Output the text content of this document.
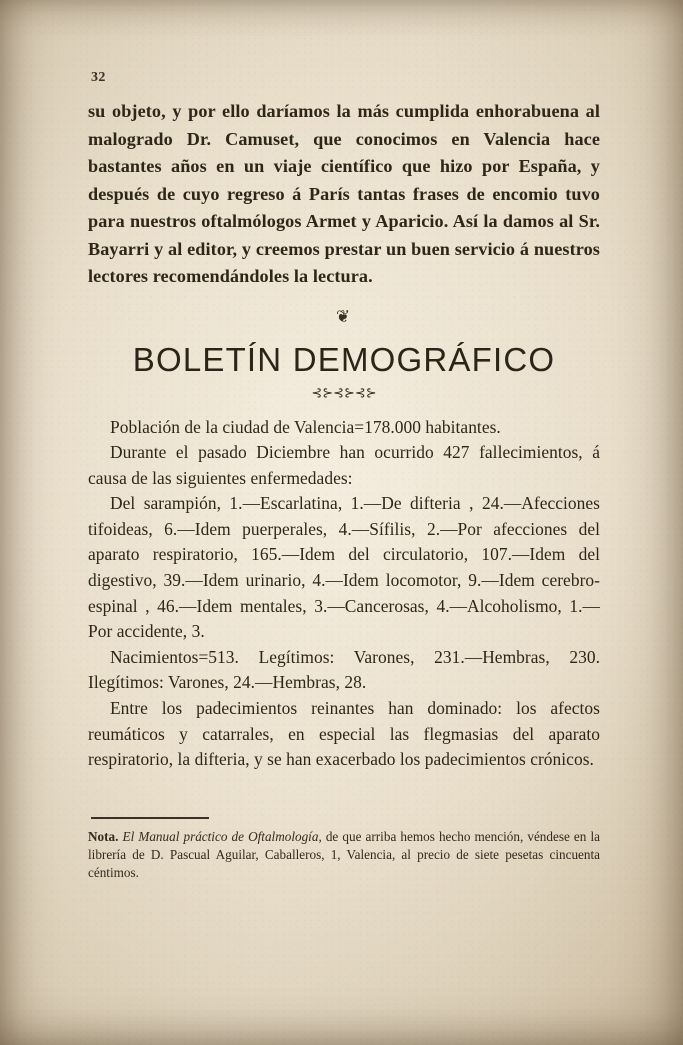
32

su objeto, y por ello daríamos la más cumplida enhorabuena al malogrado Dr. Camuset, que conocimos en Valencia hace bastantes años en un viaje científico que hizo por España, y después de cuyo regreso á París tantas frases de encomio tuvo para nuestros oftalmólogos Armet y Aparicio. Así la damos al Sr. Bayarri y al editor, y creemos prestar un buen servicio á nuestros lectores recomendándoles la lectura.

❦
BOLETÍN DEMOGRÁFICO
⊰⊱⊰⊱⊰⊱

Población de la ciudad de Valencia=178.000 habitantes.

Durante el pasado Diciembre han ocurrido 427 fallecimientos, á causa de las siguientes enfermedades:

Del sarampión, 1.—Escarlatina, 1.—De difteria , 24.—Afecciones tifoideas, 6.—Idem puerperales, 4.—Sífilis, 2.—Por afecciones del aparato respiratorio, 165.—Idem del circulatorio, 107.—Idem del digestivo, 39.—Idem urinario, 4.—Idem locomotor, 9.—Idem cerebro-espinal , 46.—Idem mentales, 3.—Cancerosas, 4.—Alcoholismo, 1.—Por accidente, 3.

Nacimientos=513. Legítimos: Varones, 231.—Hembras, 230. Ilegítimos: Varones, 24.—Hembras, 28.

Entre los padecimientos reinantes han dominado: los afectos reumáticos y catarrales, en especial las flegmasias del aparato respiratorio, la difteria, y se han exacerbado los padecimientos crónicos.

Nota. El Manual práctico de Oftalmología, de que arriba hemos hecho mención, véndese en la librería de D. Pascual Aguilar, Caballeros, 1, Valencia, al precio de siete pesetas cincuenta céntimos.
